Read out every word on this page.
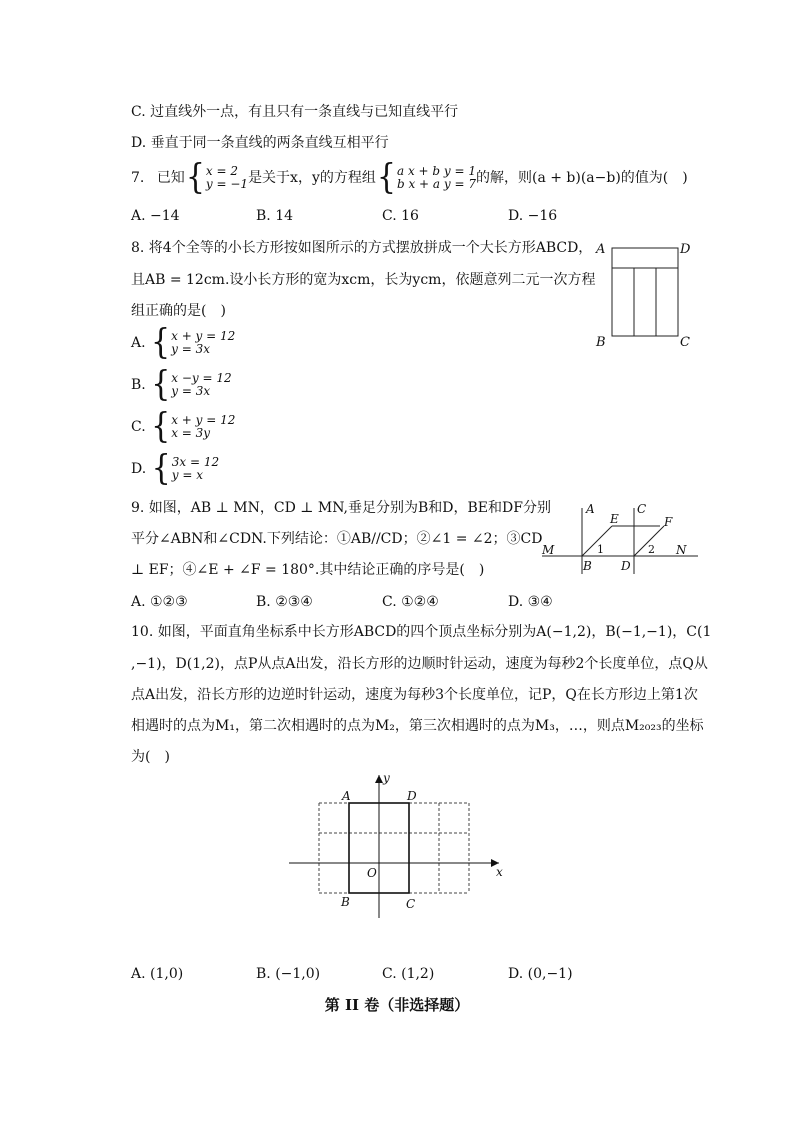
C. 过直线外一点，有且只有一条直线与已知直线平行
D. 垂直于同一条直线的两条直线互相平行
7. 已知{x = 2
y = −1是关于x，y的方程组{a x + b y = 1
b x + a y = 7的解，则(a + b)(a−b)的值为(　)
A. −14	B. 14	C. 16	D. −16
8. 将4个全等的小长方形按如图所示的方式摆放拼成一个大长方形ABCD，
且AB = 12cm.设小长方形的宽为xcm，长为ycm，依题意列二元一次方程
组正确的是(　)
A. {x + y = 12
y = 3x
B. {x −y = 12
y = 3x
C. {x + y = 12
x = 3y
D. {3x = 12
y = x
A	D
B	C
9. 如图，AB ⊥ MN，CD ⊥ MN,垂足分别为B和D，BE和DF分别
平分∠ABN和∠CDN.下列结论：①AB//CD；②∠1 = ∠2；③CD
⊥ EF；④∠E + ∠F = 180°.其中结论正确的序号是(　)
A. ①②③	B. ②③④	C. ①②④	D. ③④
A	C
E	F
M	N
B D
1	2
10. 如图，平面直角坐标系中长方形ABCD的四个顶点坐标分别为A(−1,2)，B(−1,−1)，C(1
,−1)，D(1,2)，点P从点A出发，沿长方形的边顺时针运动，速度为每秒2个长度单位，点Q从
点A出发，沿长方形的边逆时针运动，速度为每秒3个长度单位，记P，Q在长方形边上第1次
相遇时的点为M₁，第二次相遇时的点为M₂，第三次相遇时的点为M₃，…，则点M₂₀₂₃的坐标
为(　)
A	D
B	C
O	x
y
A. (1,0)	B. (−1,0)	C. (1,2)	D. (0,−1)
第 II 卷（非选择题）
